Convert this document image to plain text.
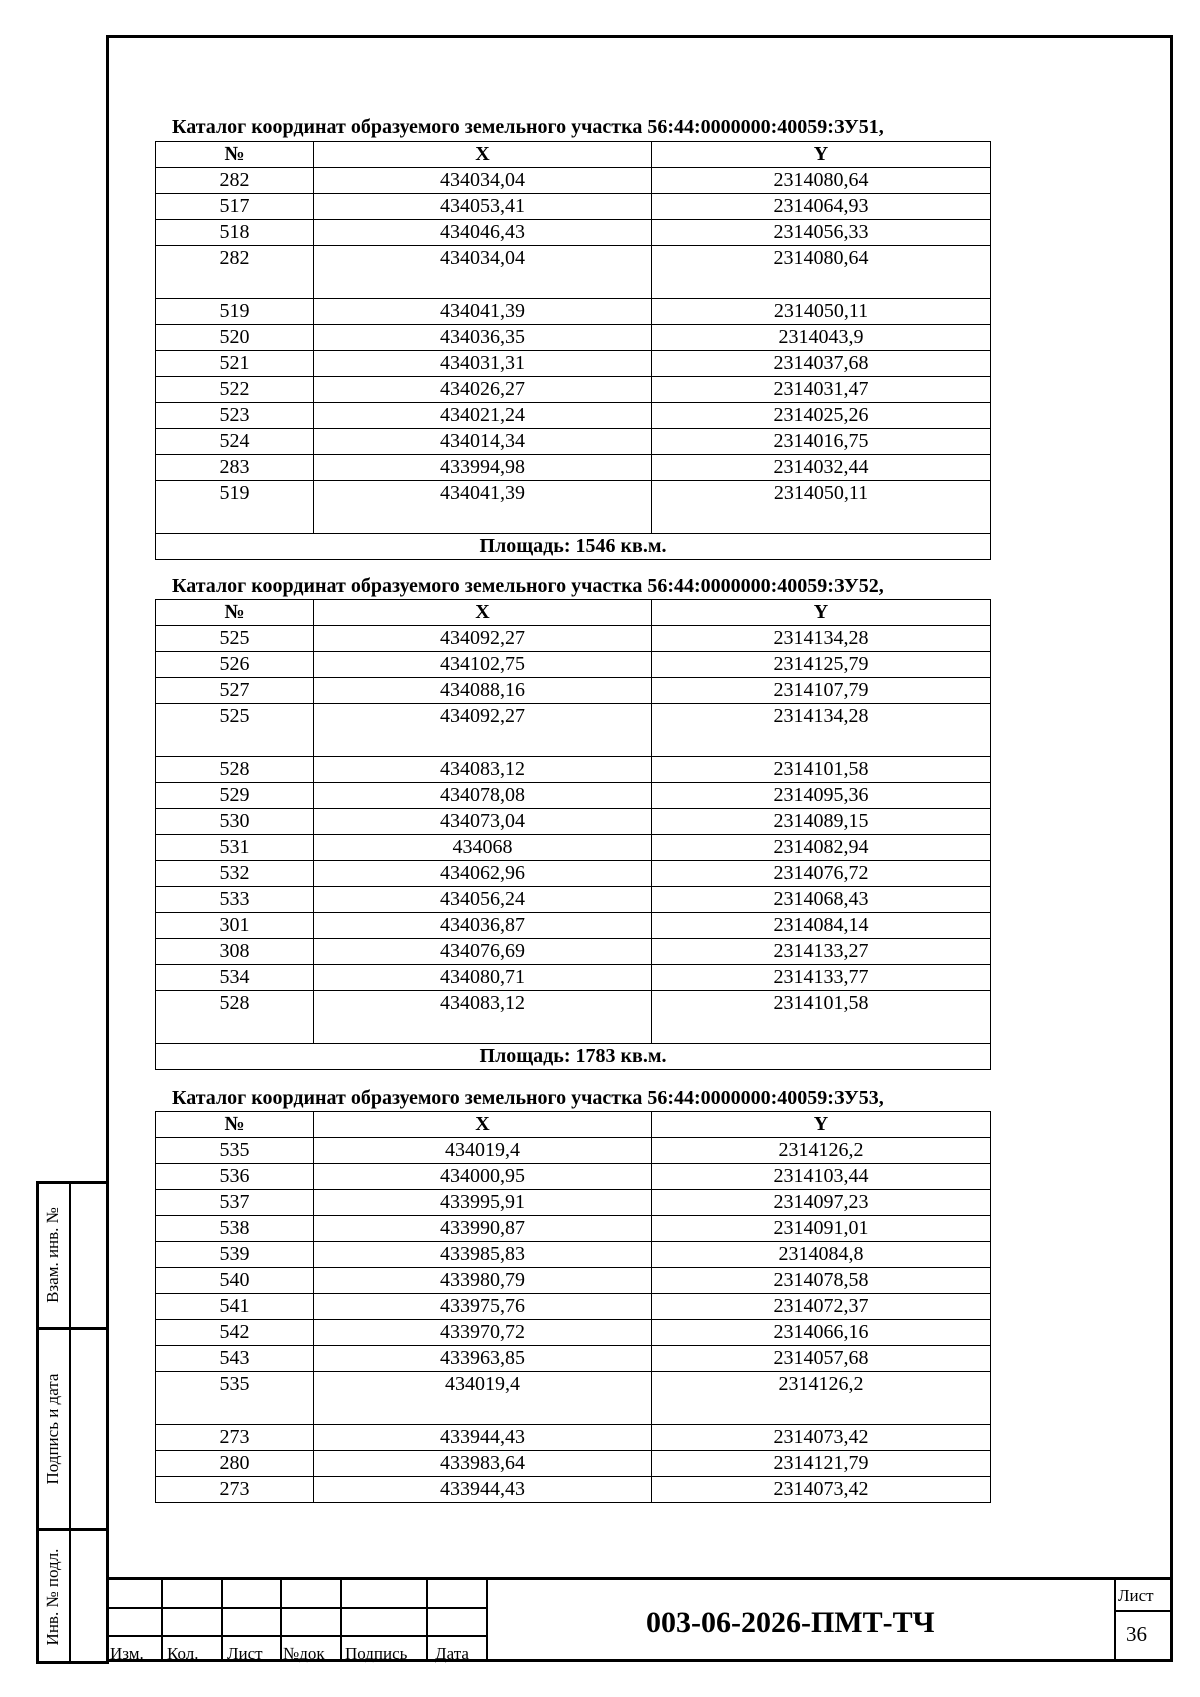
Взам. инв. №
Подпись и дата
Инв. № подл.
Каталог координат образуемого земельного участка 56:44:0000000:40059:ЗУ51,
№	X	Y
282	434034,04	2314080,64
517	434053,41	2314064,93
518	434046,43	2314056,33
282	434034,04	2314080,64
519	434041,39	2314050,11
520	434036,35	2314043,9
521	434031,31	2314037,68
522	434026,27	2314031,47
523	434021,24	2314025,26
524	434014,34	2314016,75
283	433994,98	2314032,44
519	434041,39	2314050,11
Площадь: 1546 кв.м.		
Каталог координат образуемого земельного участка 56:44:0000000:40059:ЗУ52,
№	X	Y
525	434092,27	2314134,28
526	434102,75	2314125,79
527	434088,16	2314107,79
525	434092,27	2314134,28
528	434083,12	2314101,58
529	434078,08	2314095,36
530	434073,04	2314089,15
531	434068	2314082,94
532	434062,96	2314076,72
533	434056,24	2314068,43
301	434036,87	2314084,14
308	434076,69	2314133,27
534	434080,71	2314133,77
528	434083,12	2314101,58
Площадь: 1783 кв.м.		
Каталог координат образуемого земельного участка 56:44:0000000:40059:ЗУ53,
№	X	Y
535	434019,4	2314126,2
536	434000,95	2314103,44
537	433995,91	2314097,23
538	433990,87	2314091,01
539	433985,83	2314084,8
540	433980,79	2314078,58
541	433975,76	2314072,37
542	433970,72	2314066,16
543	433963,85	2314057,68
535	434019,4	2314126,2
273	433944,43	2314073,42
280	433983,64	2314121,79
273	433944,43	2314073,42
Изм. Кол. Лист №док Подпись Дата
003-06-2026-ПМТ-ТЧ
Лист
36
